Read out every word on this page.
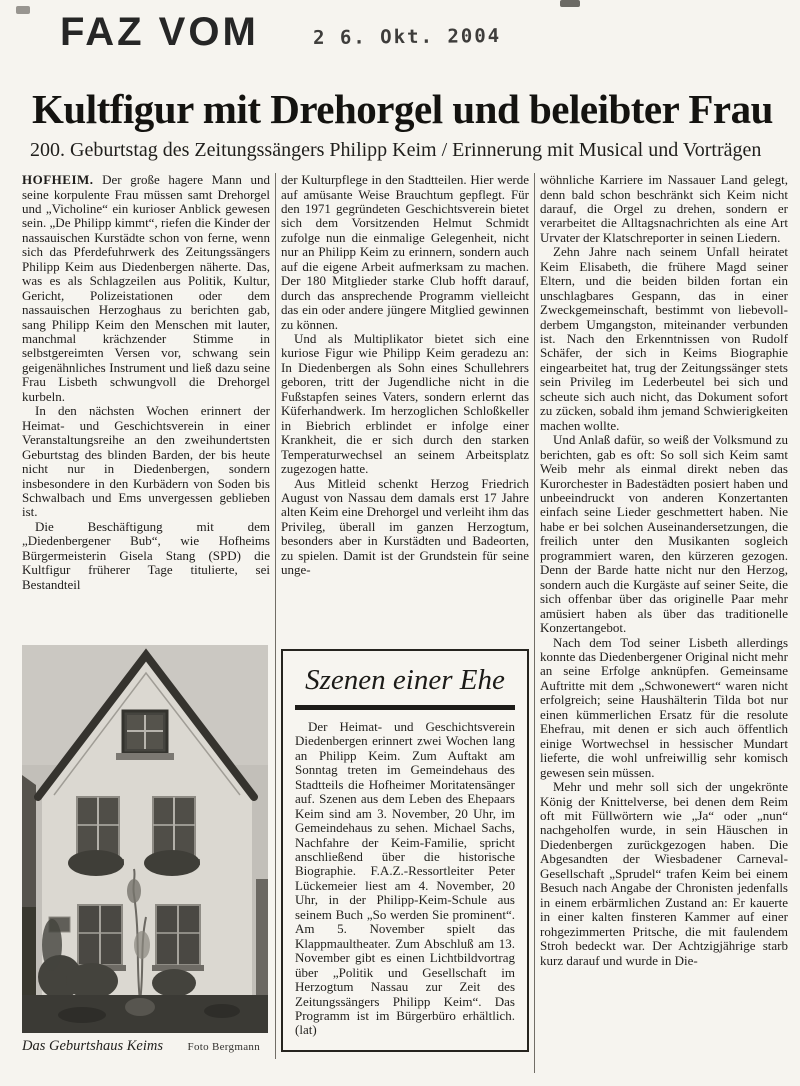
FAZ VOM	2 6. Okt. 2004
Kultfigur mit Drehorgel und beleibter Frau
200. Geburtstag des Zeitungssängers Philipp Keim / Erinnerung mit Musical und Vorträgen

HOFHEIM. Der große hagere Mann und seine korpulente Frau müssen samt Drehorgel und „Vicholine“ ein kurioser Anblick gewesen sein. „De Philipp kimmt“, riefen die Kinder der nassauischen Kurstädte schon von ferne, wenn sich das Pferdefuhrwerk des Zeitungssängers Philipp Keim aus Diedenbergen näherte. Das, was es als Schlagzeilen aus Politik, Kultur, Gericht, Polizeistationen oder dem nassauischen Herzoghaus zu berichten gab, sang Philipp Keim den Menschen mit lauter, manchmal krächzender Stimme in selbstgereimten Versen vor, schwang sein geigenähnliches Instrument und ließ dazu seine Frau Lisbeth schwungvoll die Drehorgel kurbeln.

In den nächsten Wochen erinnert der Heimat- und Geschichtsverein in einer Veranstaltungsreihe an den zweihundertsten Geburtstag des blinden Barden, der bis heute nicht nur in Diedenbergen, sondern insbesondere in den Kurbädern von Soden bis Schwalbach und Ems unvergessen geblieben ist.

Die Beschäftigung mit dem „Diedenbergener Bub“, wie Hofheims Bürgermeisterin Gisela Stang (SPD) die Kultfigur früherer Tage titulierte, sei Bestandteil

Das Geburtshaus Keims Foto Bergmann

der Kulturpflege in den Stadtteilen. Hier werde auf amüsante Weise Brauchtum gepflegt. Für den 1971 gegründeten Geschichtsverein bietet sich dem Vorsitzenden Helmut Schmidt zufolge nun die einmalige Gelegenheit, nicht nur an Philipp Keim zu erinnern, sondern auch auf die eigene Arbeit aufmerksam zu machen. Der 180 Mitglieder starke Club hofft darauf, durch das ansprechende Programm vielleicht das ein oder andere jüngere Mitglied gewinnen zu können.

Und als Multiplikator bietet sich eine kuriose Figur wie Philipp Keim geradezu an: In Diedenbergen als Sohn eines Schullehrers geboren, tritt der Jugendliche nicht in die Fußstapfen seines Vaters, sondern erlernt das Küferhandwerk. Im herzoglichen Schloßkeller in Biebrich erblindet er infolge einer Krankheit, die er sich durch den starken Temperaturwechsel an seinem Arbeitsplatz zugezogen hatte.

Aus Mitleid schenkt Herzog Friedrich August von Nassau dem damals erst 17 Jahre alten Keim eine Drehorgel und verleiht ihm das Privileg, überall im ganzen Herzogtum, besonders aber in Kurstädten und Badeorten, zu spielen. Damit ist der Grundstein für seine unge-

Szenen einer Ehe

Der Heimat- und Geschichtsverein Diedenbergen erinnert zwei Wochen lang an Philipp Keim. Zum Auftakt am Sonntag treten im Gemeindehaus des Stadtteils die Hofheimer Moritatensänger auf. Szenen aus dem Leben des Ehepaars Keim sind am 3. November, 20 Uhr, im Gemeindehaus zu sehen. Michael Sachs, Nachfahre der Keim-Familie, spricht anschließend über die historische Biographie. F.A.Z.-Ressortleiter Peter Lückemeier liest am 4. November, 20 Uhr, in der Philipp-Keim-Schule aus seinem Buch „So werden Sie prominent“. Am 5. November spielt das Klappmaultheater. Zum Abschluß am 13. November gibt es einen Lichtbildvortrag über „Politik und Gesellschaft im Herzogtum Nassau zur Zeit des Zeitungssängers Philipp Keim“. Das Programm ist im Bürgerbüro erhältlich. (lat)

wöhnliche Karriere im Nassauer Land gelegt, denn bald schon beschränkt sich Keim nicht darauf, die Orgel zu drehen, sondern er verarbeitet die Alltagsnachrichten als eine Art Urvater der Klatschreporter in seinen Liedern.

Zehn Jahre nach seinem Unfall heiratet Keim Elisabeth, die frühere Magd seiner Eltern, und die beiden bilden fortan ein unschlagbares Gespann, das in einer Zweckgemeinschaft, bestimmt von liebevoll-derbem Umgangston, miteinander verbunden ist. Nach den Erkenntnissen von Rudolf Schäfer, der sich in Keims Biographie eingearbeitet hat, trug der Zeitungssänger stets sein Privileg im Lederbeutel bei sich und scheute sich auch nicht, das Dokument sofort zu zücken, sobald ihm jemand Schwierigkeiten machen wollte.

Und Anlaß dafür, so weiß der Volksmund zu berichten, gab es oft: So soll sich Keim samt Weib mehr als einmal direkt neben das Kurorchester in Badestädten posiert haben und unbeeindruckt von anderen Konzertanten einfach seine Lieder geschmettert haben. Nie habe er bei solchen Auseinandersetzungen, die freilich unter den Musikanten sogleich programmiert waren, den kürzeren gezogen. Denn der Barde hatte nicht nur den Herzog, sondern auch die Kurgäste auf seiner Seite, die sich offenbar über das originelle Paar mehr amüsiert haben als über das traditionelle Konzertangebot.

Nach dem Tod seiner Lisbeth allerdings konnte das Diedenbergener Original nicht mehr an seine Erfolge anknüpfen. Gemeinsame Auftritte mit dem „Schwonewert“ waren nicht erfolgreich; seine Haushälterin Tilda bot nur einen kümmerlichen Ersatz für die resolute Ehefrau, mit denen er sich auch öffentlich einige Wortwechsel in hessischer Mundart lieferte, die wohl unfreiwillig sehr komisch gewesen sein müssen.

Mehr und mehr soll sich der ungekrönte König der Knittelverse, bei denen dem Reim oft mit Füllwörtern wie „Ja“ oder „nun“ nachgeholfen wurde, in sein Häuschen in Diedenbergen zurückgezogen haben. Die Abgesandten der Wiesbadener Carneval-Gesellschaft „Sprudel“ trafen Keim bei einem Besuch nach Angabe der Chronisten jedenfalls in einem erbärmlichen Zustand an: Er kauerte in einer kalten finsteren Kammer auf einer rohgezimmerten Pritsche, die mit faulendem Stroh bedeckt war. Der Achtzigjährige starb kurz darauf und wurde in Die-
